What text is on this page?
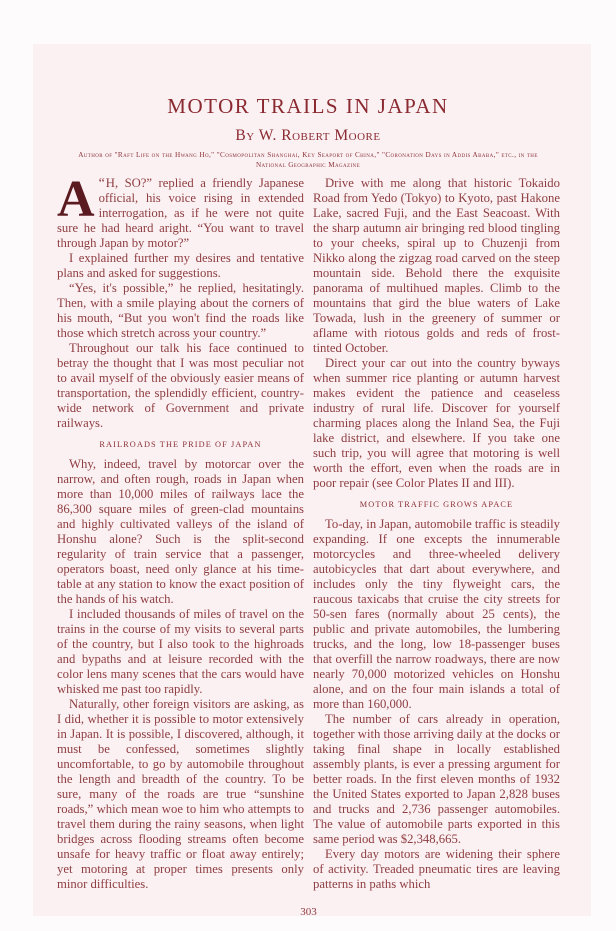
MOTOR TRAILS IN JAPAN
By W. Robert Moore
Author of "Raft Life on the Hwang Ho," "Cosmopolitan Shanghai, Key Seaport of China," "Coronation Days in Addis Ababa," etc., in the National Geographic Magazine

“
A H, SO?” replied a friendly Japanese official, his voice rising in extended interrogation, as if he were not quite sure he had heard aright. “You want to travel through Japan by motor?”

I explained further my desires and tentative plans and asked for suggestions.

“Yes, it's possible,” he replied, hesitatingly. Then, with a smile playing about the corners of his mouth, “But you won't find the roads like those which stretch across your country.”

Throughout our talk his face continued to betray the thought that I was most peculiar not to avail myself of the obviously easier means of transportation, the splendidly efficient, country-wide network of Government and private railways.

RAILROADS THE PRIDE OF JAPAN

Why, indeed, travel by motorcar over the narrow, and often rough, roads in Japan when more than 10,000 miles of railways lace the 86,300 square miles of green-clad mountains and highly cultivated valleys of the island of Honshu alone? Such is the split-second regularity of train service that a passenger, operators boast, need only glance at his time-table at any station to know the exact position of the hands of his watch.

I included thousands of miles of travel on the trains in the course of my visits to several parts of the country, but I also took to the highroads and bypaths and at leisure recorded with the color lens many scenes that the cars would have whisked me past too rapidly.

Naturally, other foreign visitors are asking, as I did, whether it is possible to motor extensively in Japan. It is possible, I discovered, although, it must be confessed, sometimes slightly uncomfortable, to go by automobile throughout the length and breadth of the country. To be sure, many of the roads are true “sunshine roads,” which mean woe to him who attempts to travel them during the rainy seasons, when light bridges across flooding streams often become unsafe for heavy traffic or float away entirely; yet motoring at proper times presents only minor difficulties.

Drive with me along that historic Tokaido Road from Yedo (Tokyo) to Kyoto, past Hakone Lake, sacred Fuji, and the East Seacoast. With the sharp autumn air bringing red blood tingling to your cheeks, spiral up to Chuzenji from Nikko along the zigzag road carved on the steep mountain side. Behold there the exquisite panorama of multihued maples. Climb to the mountains that gird the blue waters of Lake Towada, lush in the greenery of summer or aflame with riotous golds and reds of frost-tinted October.

Direct your car out into the country byways when summer rice planting or autumn harvest makes evident the patience and ceaseless industry of rural life. Discover for yourself charming places along the Inland Sea, the Fuji lake district, and elsewhere. If you take one such trip, you will agree that motoring is well worth the effort, even when the roads are in poor repair (see Color Plates II and III).

MOTOR TRAFFIC GROWS APACE

To-day, in Japan, automobile traffic is steadily expanding. If one excepts the innumerable motorcycles and three-wheeled delivery autobicycles that dart about everywhere, and includes only the tiny flyweight cars, the raucous taxicabs that cruise the city streets for 50-sen fares (normally about 25 cents), the public and private automobiles, the lumbering trucks, and the long, low 18-passenger buses that overfill the narrow roadways, there are now nearly 70,000 motorized vehicles on Honshu alone, and on the four main islands a total of more than 160,000.

The number of cars already in operation, together with those arriving daily at the docks or taking final shape in locally established assembly plants, is ever a pressing argument for better roads. In the first eleven months of 1932 the United States exported to Japan 2,828 buses and trucks and 2,736 passenger automobiles. The value of automobile parts exported in this same period was $2,348,665.

Every day motors are widening their sphere of activity. Treaded pneumatic tires are leaving patterns in paths which

303
